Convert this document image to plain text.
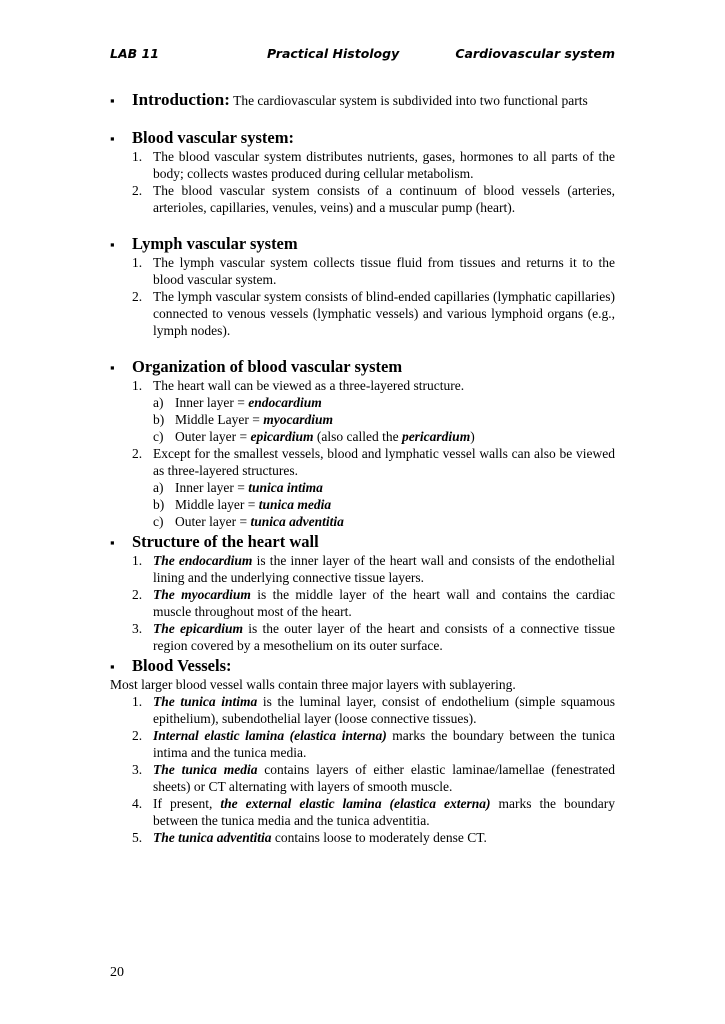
LAB 11	Practical Histology	Cardiovascular system
▪ Introduction: The cardiovascular system is subdivided into two functional parts
▪ Blood vascular system:
1. The blood vascular system distributes nutrients, gases, hormones to all parts of the body; collects wastes produced during cellular metabolism.
2. The blood vascular system consists of a continuum of blood vessels (arteries, arterioles, capillaries, venules, veins) and a muscular pump (heart).
▪ Lymph vascular system
1. The lymph vascular system collects tissue fluid from tissues and returns it to the blood vascular system.
2. The lymph vascular system consists of blind-ended capillaries (lymphatic capillaries) connected to venous vessels (lymphatic vessels) and various lymphoid organs (e.g., lymph nodes).
▪ Organization of blood vascular system
1. The heart wall can be viewed as a three-layered structure.
a) Inner layer = endocardium
b) Middle Layer = myocardium
c) Outer layer = epicardium (also called the pericardium)
2. Except for the smallest vessels, blood and lymphatic vessel walls can also be viewed as three-layered structures.
a) Inner layer = tunica intima
b) Middle layer = tunica media
c) Outer layer = tunica adventitia
▪ Structure of the heart wall
1. The endocardium is the inner layer of the heart wall and consists of the endothelial lining and the underlying connective tissue layers.
2. The myocardium is the middle layer of the heart wall and contains the cardiac muscle throughout most of the heart.
3. The epicardium is the outer layer of the heart and consists of a connective tissue region covered by a mesothelium on its outer surface.
▪ Blood Vessels:
Most larger blood vessel walls contain three major layers with sublayering.
1. The tunica intima is the luminal layer, consist of endothelium (simple squamous epithelium), subendothelial layer (loose connective tissues).
2. Internal elastic lamina (elastica interna) marks the boundary between the tunica intima and the tunica media.
3. The tunica media contains layers of either elastic laminae/lamellae (fenestrated sheets) or CT alternating with layers of smooth muscle.
4. If present, the external elastic lamina (elastica externa) marks the boundary between the tunica media and the tunica adventitia.
5. The tunica adventitia contains loose to moderately dense CT.
20
